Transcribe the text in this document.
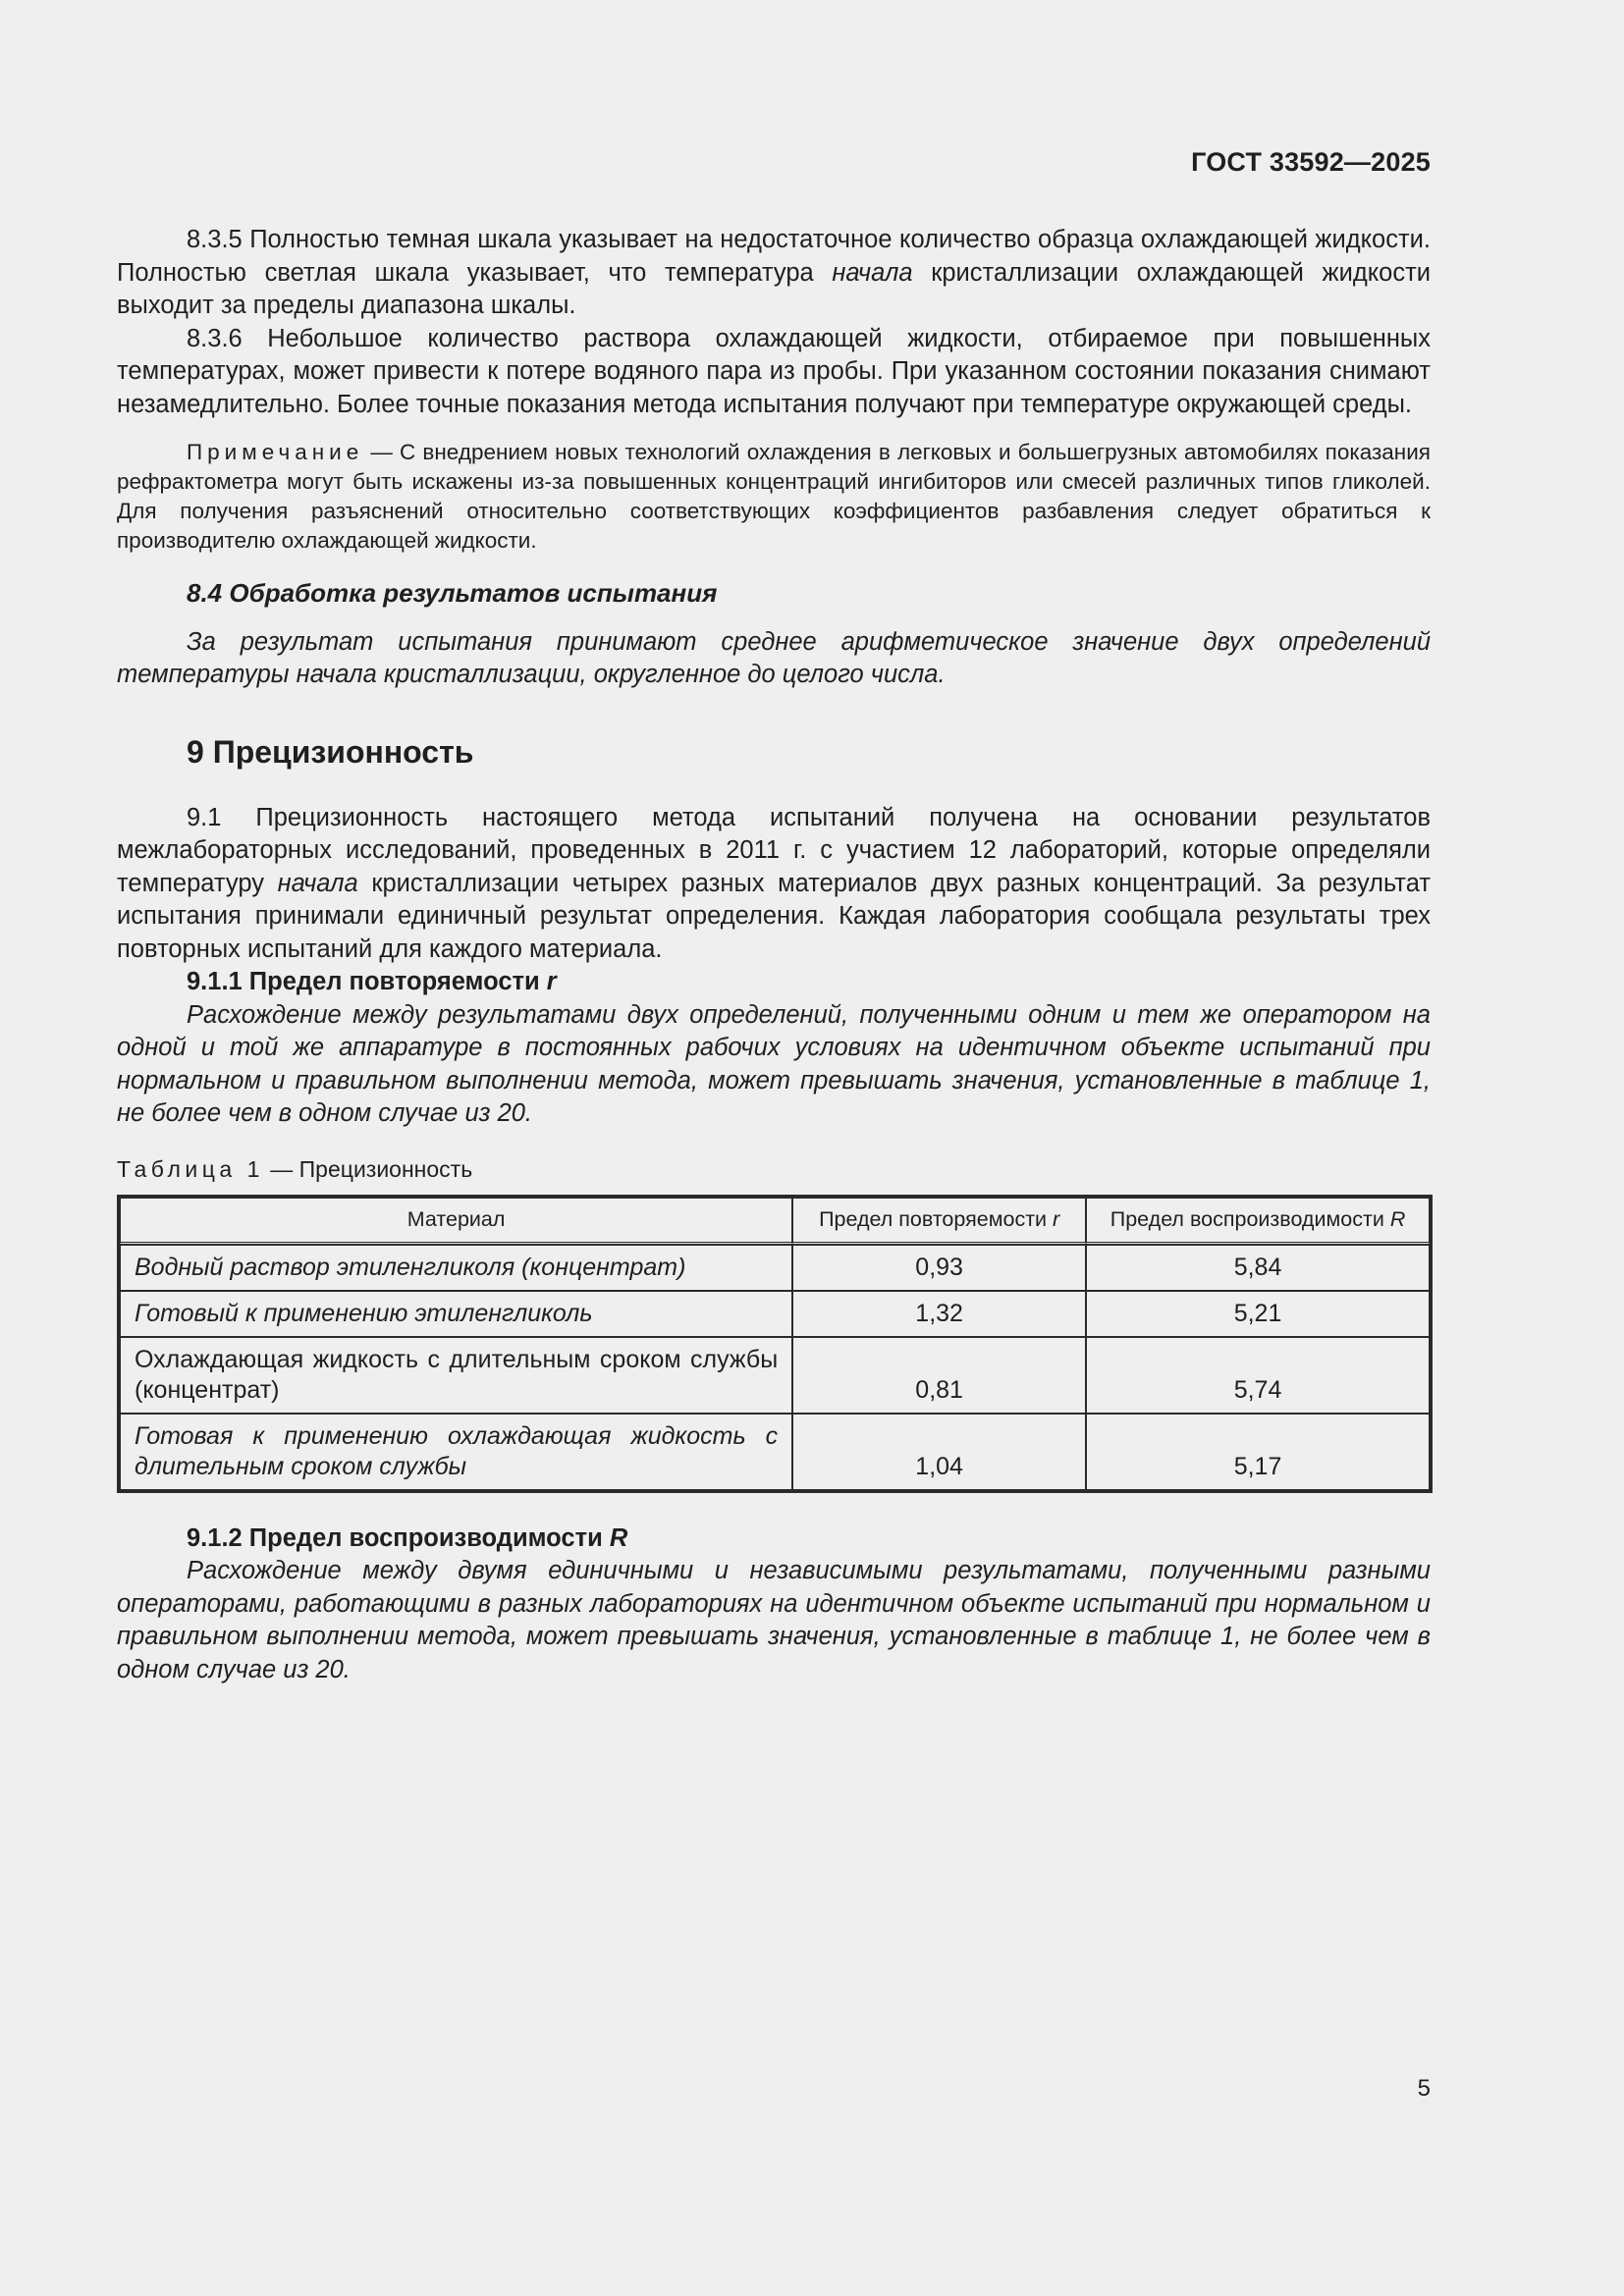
ГОСТ 33592—2025

8.3.5 Полностью темная шкала указывает на недостаточное количество образца охлаждающей жидкости. Полностью светлая шкала указывает, что температура начала кристаллизации охлаждающей жидкости выходит за пределы диапазона шкалы.

8.3.6 Небольшое количество раствора охлаждающей жидкости, отбираемое при повышенных температурах, может привести к потере водяного пара из пробы. При указанном состоянии показания снимают незамедлительно. Более точные показания метода испытания получают при температуре окружающей среды.

Примечание — С внедрением новых технологий охлаждения в легковых и большегрузных автомобилях показания рефрактометра могут быть искажены из-за повышенных концентраций ингибиторов или смесей различных типов гликолей. Для получения разъяснений относительно соответствующих коэффициентов разбавления следует обратиться к производителю охлаждающей жидкости.

8.4 Обработка результатов испытания

За результат испытания принимают среднее арифметическое значение двух определений температуры начала кристаллизации, округленное до целого числа.

9 Прецизионность

9.1 Прецизионность настоящего метода испытаний получена на основании результатов межлабораторных исследований, проведенных в 2011 г. с участием 12 лабораторий, которые определяли температуру начала кристаллизации четырех разных материалов двух разных концентраций. За результат испытания принимали единичный результат определения. Каждая лаборатория сообщала результаты трех повторных испытаний для каждого материала.

9.1.1 Предел повторяемости r

Расхождение между результатами двух определений, полученными одним и тем же оператором на одной и той же аппаратуре в постоянных рабочих условиях на идентичном объекте испытаний при нормальном и правильном выполнении метода, может превышать значения, установленные в таблице 1, не более чем в одном случае из 20.

Таблица 1 — Прецизионность

Материал	Предел повторяемости r	Предел воспроизводимости R
Водный раствор этиленгликоля (концентрат)	0,93	5,84
Готовый к применению этиленгликоль	1,32	5,21
Охлаждающая жидкость с длительным сроком службы (концентрат)	0,81	5,74
Готовая к применению охлаждающая жидкость с длительным сроком службы	1,04	5,17

9.1.2 Предел воспроизводимости R

Расхождение между двумя единичными и независимыми результатами, полученными разными операторами, работающими в разных лабораториях на идентичном объекте испытаний при нормальном и правильном выполнении метода, может превышать значения, установленные в таблице 1, не более чем в одном случае из 20.

5
